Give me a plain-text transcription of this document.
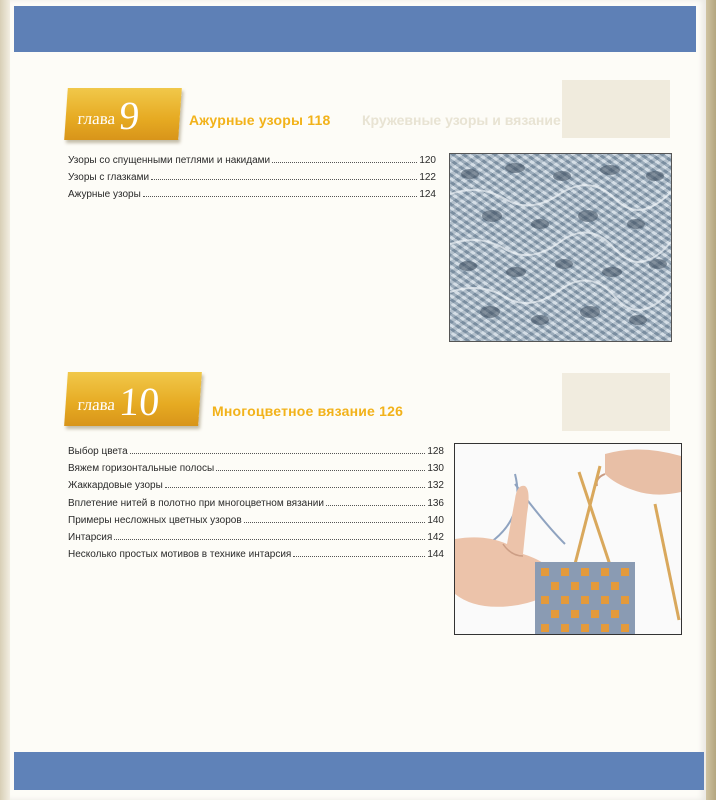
глава 9	Ажурные узоры 118 Кружевные узоры и вязание
Узоры со спущенными петлями и накидами	120
Узоры с глазками	122
Ажурные узоры	124
глава 10	Многоцветное вязание 126
Выбор цвета	128
Вяжем горизонтальные полосы	130
Жаккардовые узоры	132
Вплетение нитей в полотно при многоцветном вязании	136
Примеры несложных цветных узоров	140
Интарсия	142
Несколько простых мотивов в технике интарсия	144
